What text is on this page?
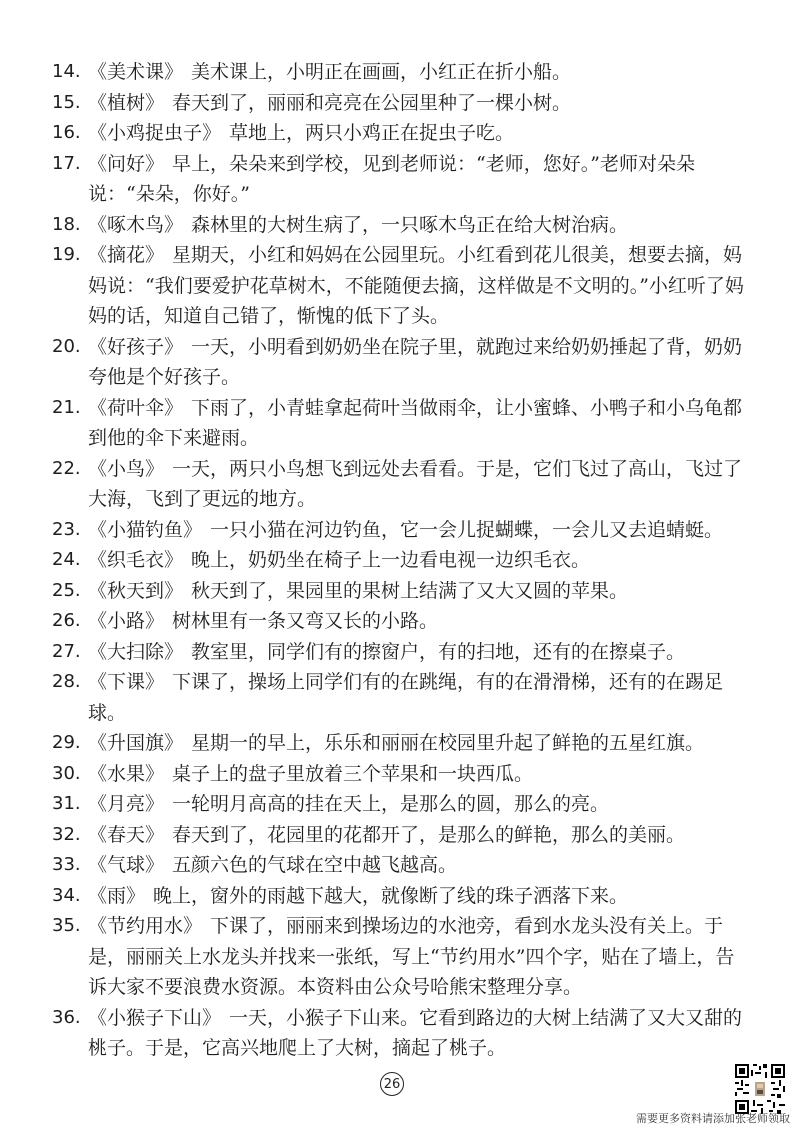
14. 《美术课》 美术课上，小明正在画画，小红正在折小船。
15. 《植树》 春天到了，丽丽和亮亮在公园里种了一棵小树。
16. 《小鸡捉虫子》 草地上，两只小鸡正在捉虫子吃。
17. 《问好》 早上，朵朵来到学校，见到老师说：“老师，您好。”老师对朵朵说：“朵朵，你好。”
18. 《啄木鸟》 森林里的大树生病了，一只啄木鸟正在给大树治病。
19. 《摘花》 星期天，小红和妈妈在公园里玩。小红看到花儿很美，想要去摘，妈妈说：“我们要爱护花草树木，不能随便去摘，这样做是不文明的。”小红听了妈妈的话，知道自己错了，惭愧的低下了头。
20. 《好孩子》 一天，小明看到奶奶坐在院子里，就跑过来给奶奶捶起了背，奶奶夸他是个好孩子。
21. 《荷叶伞》 下雨了，小青蛙拿起荷叶当做雨伞，让小蜜蜂、小鸭子和小乌龟都到他的伞下来避雨。
22. 《小鸟》 一天，两只小鸟想飞到远处去看看。于是，它们飞过了高山，飞过了大海，飞到了更远的地方。
23. 《小猫钓鱼》 一只小猫在河边钓鱼，它一会儿捉蝴蝶，一会儿又去追蜻蜓。
24. 《织毛衣》 晚上，奶奶坐在椅子上一边看电视一边织毛衣。
25. 《秋天到》 秋天到了，果园里的果树上结满了又大又圆的苹果。
26. 《小路》 树林里有一条又弯又长的小路。
27. 《大扫除》 教室里，同学们有的擦窗户，有的扫地，还有的在擦桌子。
28. 《下课》 下课了，操场上同学们有的在跳绳，有的在滑滑梯，还有的在踢足球。
29. 《升国旗》 星期一的早上，乐乐和丽丽在校园里升起了鲜艳的五星红旗。
30. 《水果》 桌子上的盘子里放着三个苹果和一块西瓜。
31. 《月亮》 一轮明月高高的挂在天上，是那么的圆，那么的亮。
32. 《春天》 春天到了，花园里的花都开了，是那么的鲜艳，那么的美丽。
33. 《气球》 五颜六色的气球在空中越飞越高。
34. 《雨》 晚上，窗外的雨越下越大，就像断了线的珠子洒落下来。
35. 《节约用水》 下课了，丽丽来到操场边的水池旁，看到水龙头没有关上。于是，丽丽关上水龙头并找来一张纸，写上“节约用水”四个字，贴在了墙上，告诉大家不要浪费水资源。本资料由公众号哈熊宋整理分享。
36. 《小猴子下山》 一天，小猴子下山来。它看到路边的大树上结满了又大又甜的桃子。于是，它高兴地爬上了大树，摘起了桃子。
26
需要更多资料请添加张老师领取
